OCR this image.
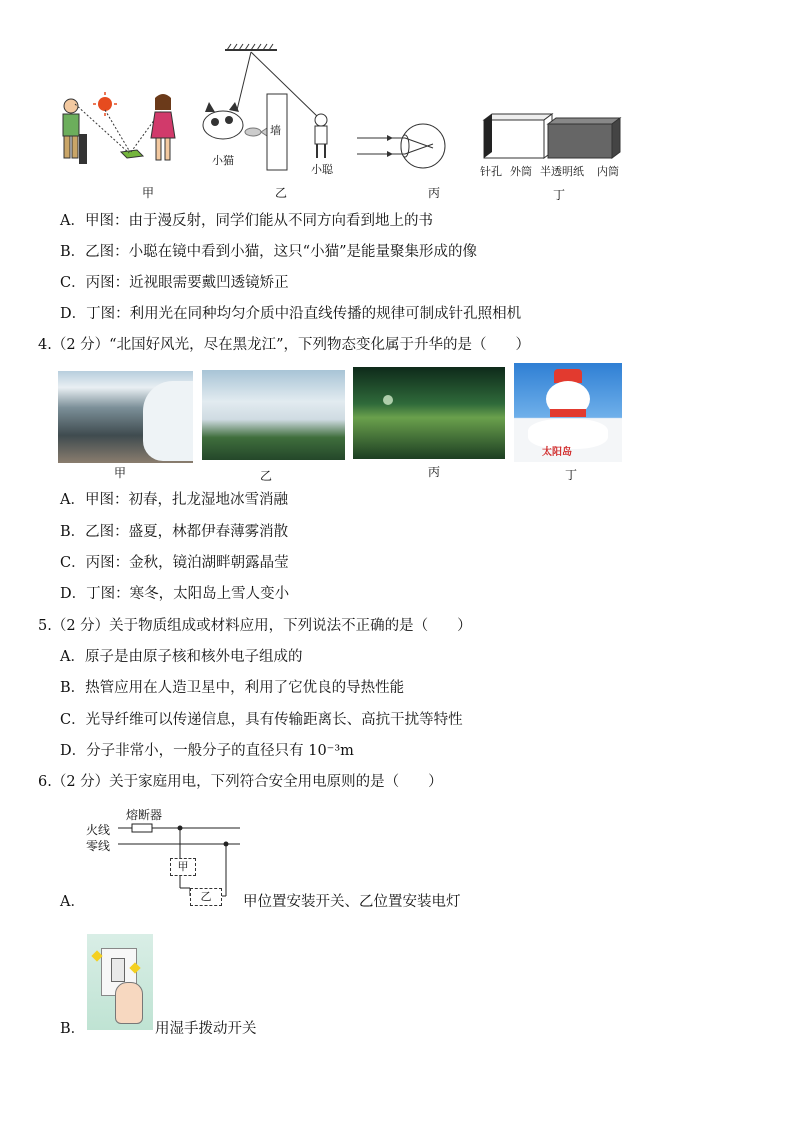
甲
墙
小猫
小聪
乙	丙
针孔 外筒 半透明纸 内筒
丁
A．甲图：由于漫反射，同学们能从不同方向看到地上的书
B．乙图：小聪在镜中看到小猫，这只“小猫”是能量聚集形成的像
C．丙图：近视眼需要戴凹透镜矫正
D．丁图：利用光在同种均匀介质中沿直线传播的规律可制成针孔照相机
4.（2 分）“北国好风光，尽在黑龙江”，下列物态变化属于升华的是（　　）
太阳岛
甲	乙	丙	丁
A．甲图：初春，扎龙湿地冰雪消融
B．乙图：盛夏，林都伊春薄雾消散
C．丙图：金秋，镜泊湖畔朝露晶莹
D．丁图：寒冬，太阳岛上雪人变小
5.（2 分）关于物质组成或材料应用，下列说法不正确的是（　　）
A．原子是由原子核和核外电子组成的
B．热管应用在人造卫星中，利用了它优良的导热性能
C．光导纤维可以传递信息，具有传输距离长、高抗干扰等特性
D．分子非常小，一般分子的直径只有 10⁻³m
6.（2 分）关于家庭用电，下列符合安全用电原则的是（　　）
熔断器
火线
零线
甲
乙
A．	甲位置安装开关、乙位置安装电灯
B．	用湿手拨动开关
